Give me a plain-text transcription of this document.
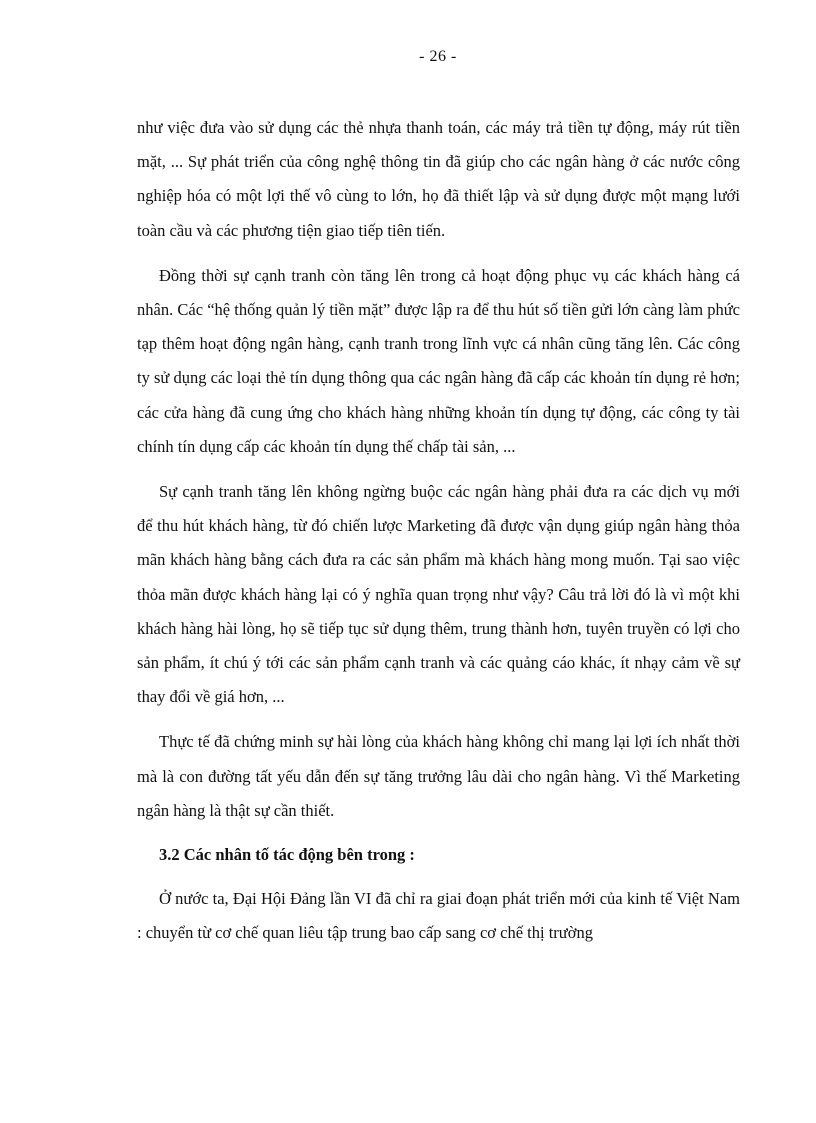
- 26 -

như việc đưa vào sử dụng các thẻ nhựa thanh toán, các máy trả tiền tự động, máy rút tiền mặt, ... Sự phát triển của công nghệ thông tin đã giúp cho các ngân hàng ở các nước công nghiệp hóa có một lợi thế vô cùng to lớn, họ đã thiết lập và sử dụng được một mạng lưới toàn cầu và các phương tiện giao tiếp tiên tiến.

Đồng thời sự cạnh tranh còn tăng lên trong cả hoạt động phục vụ các khách hàng cá nhân. Các “hệ thống quản lý tiền mặt” được lập ra để thu hút số tiền gửi lớn càng làm phức tạp thêm hoạt động ngân hàng, cạnh tranh trong lĩnh vực cá nhân cũng tăng lên. Các công ty sử dụng các loại thẻ tín dụng thông qua các ngân hàng đã cấp các khoản tín dụng rẻ hơn; các cửa hàng đã cung ứng cho khách hàng những khoản tín dụng tự động, các công ty tài chính tín dụng cấp các khoản tín dụng thế chấp tài sản, ...

Sự cạnh tranh tăng lên không ngừng buộc các ngân hàng phải đưa ra các dịch vụ mới để thu hút khách hàng, từ đó chiến lược Marketing đã được vận dụng giúp ngân hàng thỏa mãn khách hàng bằng cách đưa ra các sản phẩm mà khách hàng mong muốn. Tại sao việc thỏa mãn được khách hàng lại có ý nghĩa quan trọng như vậy? Câu trả lời đó là vì một khi khách hàng hài lòng, họ sẽ tiếp tục sử dụng thêm, trung thành hơn, tuyên truyền có lợi cho sản phẩm, ít chú ý tới các sản phẩm cạnh tranh và các quảng cáo khác, ít nhạy cảm về sự thay đổi về giá hơn, ...

Thực tế đã chứng minh sự hài lòng của khách hàng không chỉ mang lại lợi ích nhất thời mà là con đường tất yếu dẫn đến sự tăng trưởng lâu dài cho ngân hàng. Vì thế Marketing ngân hàng là thật sự cần thiết.

3.2 Các nhân tố tác động bên trong :

Ở nước ta, Đại Hội Đảng lần VI đã chỉ ra giai đoạn phát triển mới của kinh tế Việt Nam : chuyển từ cơ chế quan liêu tập trung bao cấp sang cơ chế thị trường
